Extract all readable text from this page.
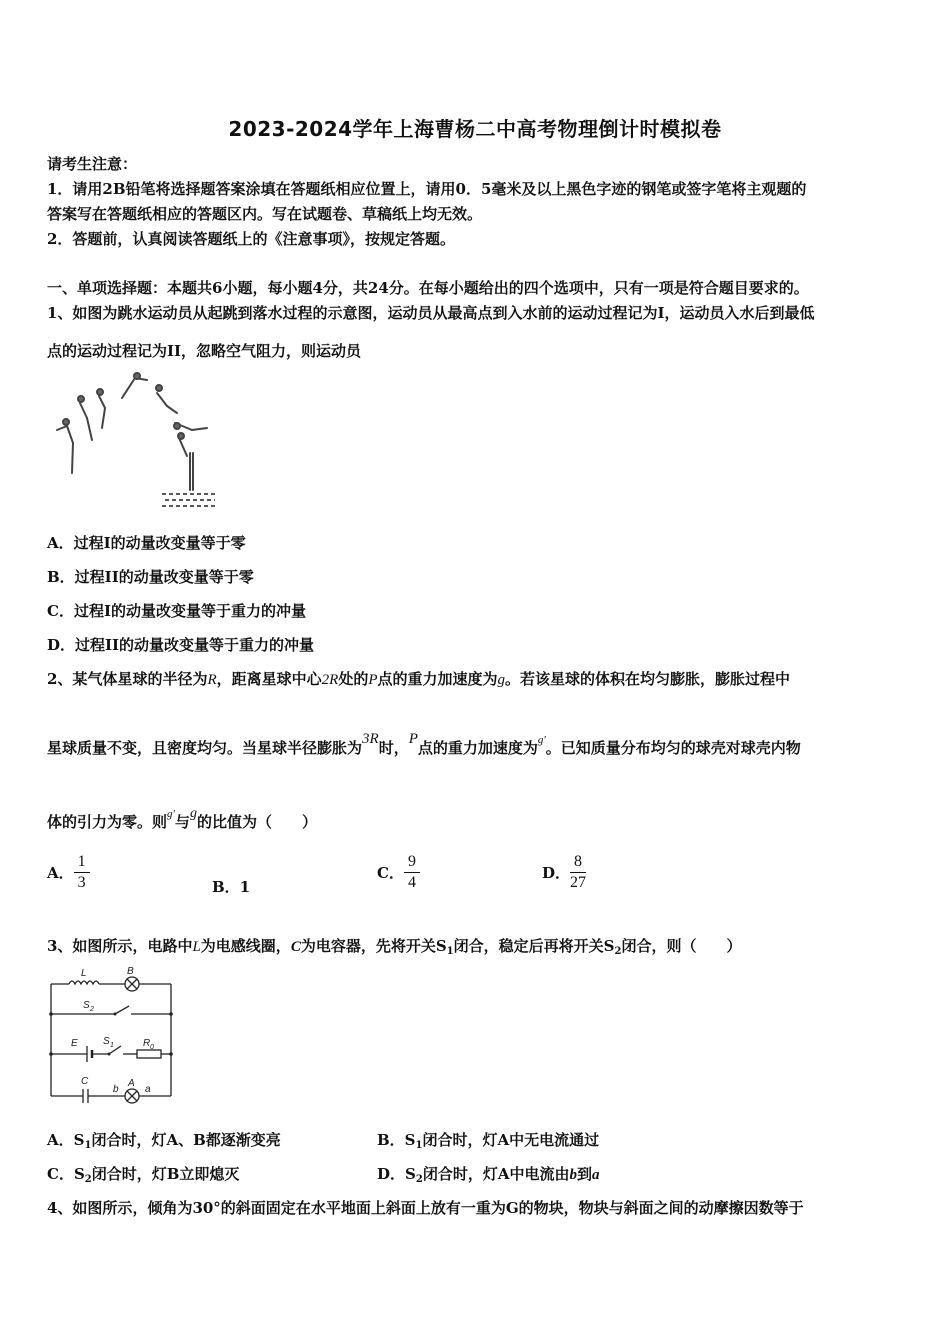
2023-2024学年上海曹杨二中高考物理倒计时模拟卷
请考生注意：
1．请用2B铅笔将选择题答案涂填在答题纸相应位置上，请用0．5毫米及以上黑色字迹的钢笔或签字笔将主观题的
答案写在答题纸相应的答题区内。写在试题卷、草稿纸上均无效。
2．答题前，认真阅读答题纸上的《注意事项》，按规定答题。
一、单项选择题：本题共6小题，每小题4分，共24分。在每小题给出的四个选项中，只有一项是符合题目要求的。
1、如图为跳水运动员从起跳到落水过程的示意图，运动员从最高点到入水前的运动过程记为I，运动员入水后到最低
点的运动过程记为II，忽略空气阻力，则运动员
A．过程I的动量改变量等于零
B．过程II的动量改变量等于零
C．过程I的动量改变量等于重力的冲量
D．过程II的动量改变量等于重力的冲量
2、某气体星球的半径为R，距离星球中心2R处的P点的重力加速度为g。若该星球的体积在均匀膨胀，膨胀过程中
星球质量不变，且密度均匀。当星球半径膨胀为3R时，P点的重力加速度为$^{g'}$。已知质量分布均匀的球壳对球壳内物
体的引力为零。则$^{g'}$与g的比值为（　　）
A． $\frac{1}{3}$	B．1
C． $\frac{9}{4}$	D． $\frac{8}{27}$
3、如图所示，电路中L为电感线圈，C为电容器，先将开关$S_1$闭合，稳定后再将开关$S_2$闭合，则（　　）
L	B
S 2
E	S 1	R 0
C
b
A
a
A．$S_1$闭合时，灯A、B都逐渐变亮	B．$S_1$闭合时，灯A中无电流通过
C．$S_2$闭合时，灯B立即熄灭	D．$S_2$闭合时，灯A中电流由b到a
4、如图所示，倾角为30°的斜面固定在水平地面上斜面上放有一重为G的物块，物块与斜面之间的动摩擦因数等于
